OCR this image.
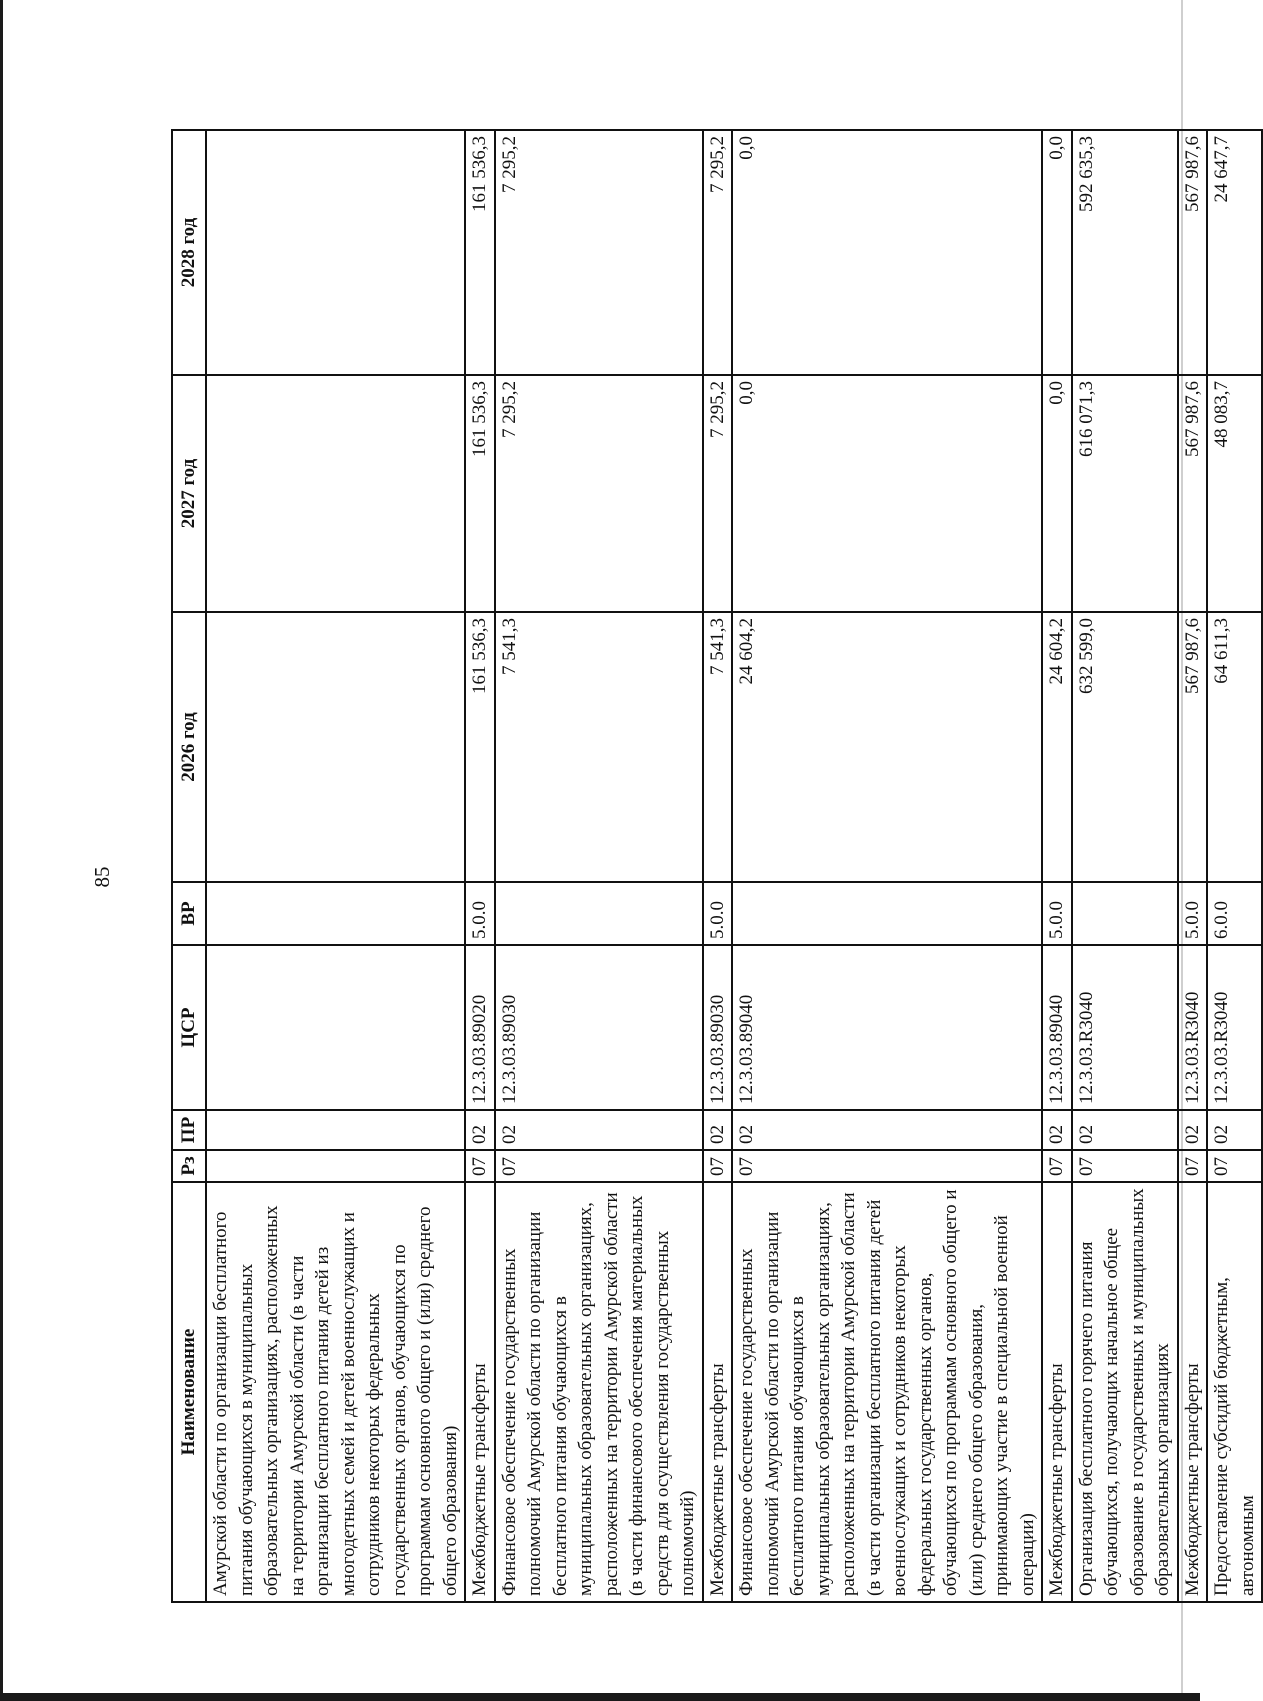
85
Наименование	Рз	ПР	ЦСР	ВР	2026 год	2027 год	2028 год
Амурской области по организации бесплатного питания обучающихся в муниципальных образовательных организациях, расположенных на территории Амурской области (в части организации бесплатного питания детей из многодетных семей и детей военнослужащих и сотрудников некоторых федеральных государственных органов, обучающихся по программам основного общего и (или) среднего общего образования)							
Межбюджетные трансферты	07	02	12.3.03.89020	5.0.0	161 536,3	161 536,3	161 536,3
Финансовое обеспечение государственных полномочий Амурской области по организации бесплатного питания обучающихся в муниципальных образовательных организациях, расположенных на территории Амурской области (в части финансового обеспечения материальных средств для осуществления государственных полномочий)	07	02	12.3.03.89030		7 541,3	7 295,2	7 295,2
Межбюджетные трансферты	07	02	12.3.03.89030	5.0.0	7 541,3	7 295,2	7 295,2
Финансовое обеспечение государственных полномочий Амурской области по организации бесплатного питания обучающихся в муниципальных образовательных организациях, расположенных на территории Амурской области (в части организации бесплатного питания детей военнослужащих и сотрудников некоторых федеральных государственных органов, обучающихся по программам основного общего и (или) среднего общего образования, принимающих участие в специальной военной операции)	07	02	12.3.03.89040		24 604,2	0,0	0,0
Межбюджетные трансферты	07	02	12.3.03.89040	5.0.0	24 604,2	0,0	0,0
Организация бесплатного горячего питания обучающихся, получающих начальное общее образование в государственных и муниципальных образовательных организациях	07	02	12.3.03.R3040		632 599,0	616 071,3	592 635,3
Межбюджетные трансферты	07	02	12.3.03.R3040	5.0.0	567 987,6	567 987,6	567 987,6
Предоставление субсидий бюджетным, автономным	07	02	12.3.03.R3040	6.0.0	64 611,3	48 083,7	24 647,7
